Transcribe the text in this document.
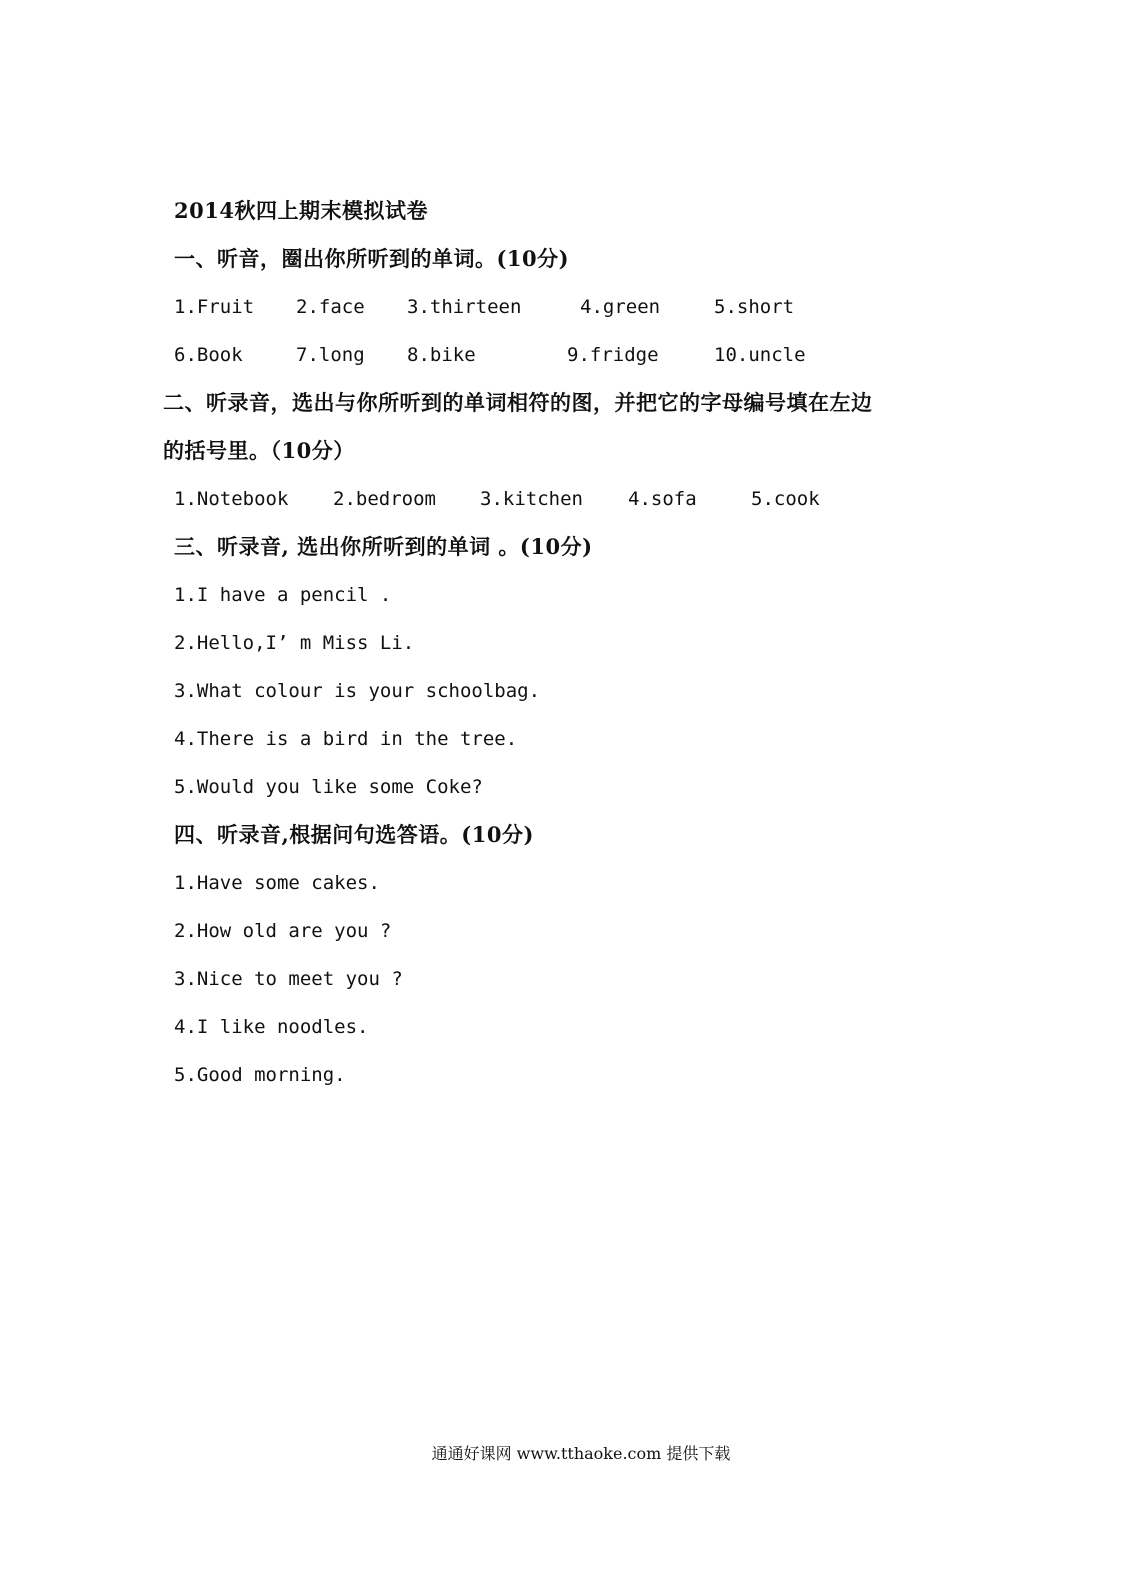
2014秋四上期末模拟试卷
一、听音，圈出你所听到的单词。(10分)
1.Fruit 2.face 3.thirteen	4.green	5.short
6.Book	7.long 8.bike	9.fridge	10.uncle
二、听录音，选出与你所听到的单词相符的图，并把它的字母编号填在左边
的括号里。（10分）
1.Notebook 2.bedroom 3.kitchen 4.sofa	5.cook
三、听录音, 选出你所听到的单词 。(10分)
1.I have a pencil .
2.Hello,I’ m Miss Li.
3.What colour is your schoolbag.
4.There is a bird in the tree.
5.Would you like some Coke?
四、听录音,根据问句选答语。(10分)
1.Have some cakes.
2.How old are you ?
3.Nice to meet you ?
4.I like noodles.
5.Good morning.
通通好课网 www.tthaoke.com 提供下载
